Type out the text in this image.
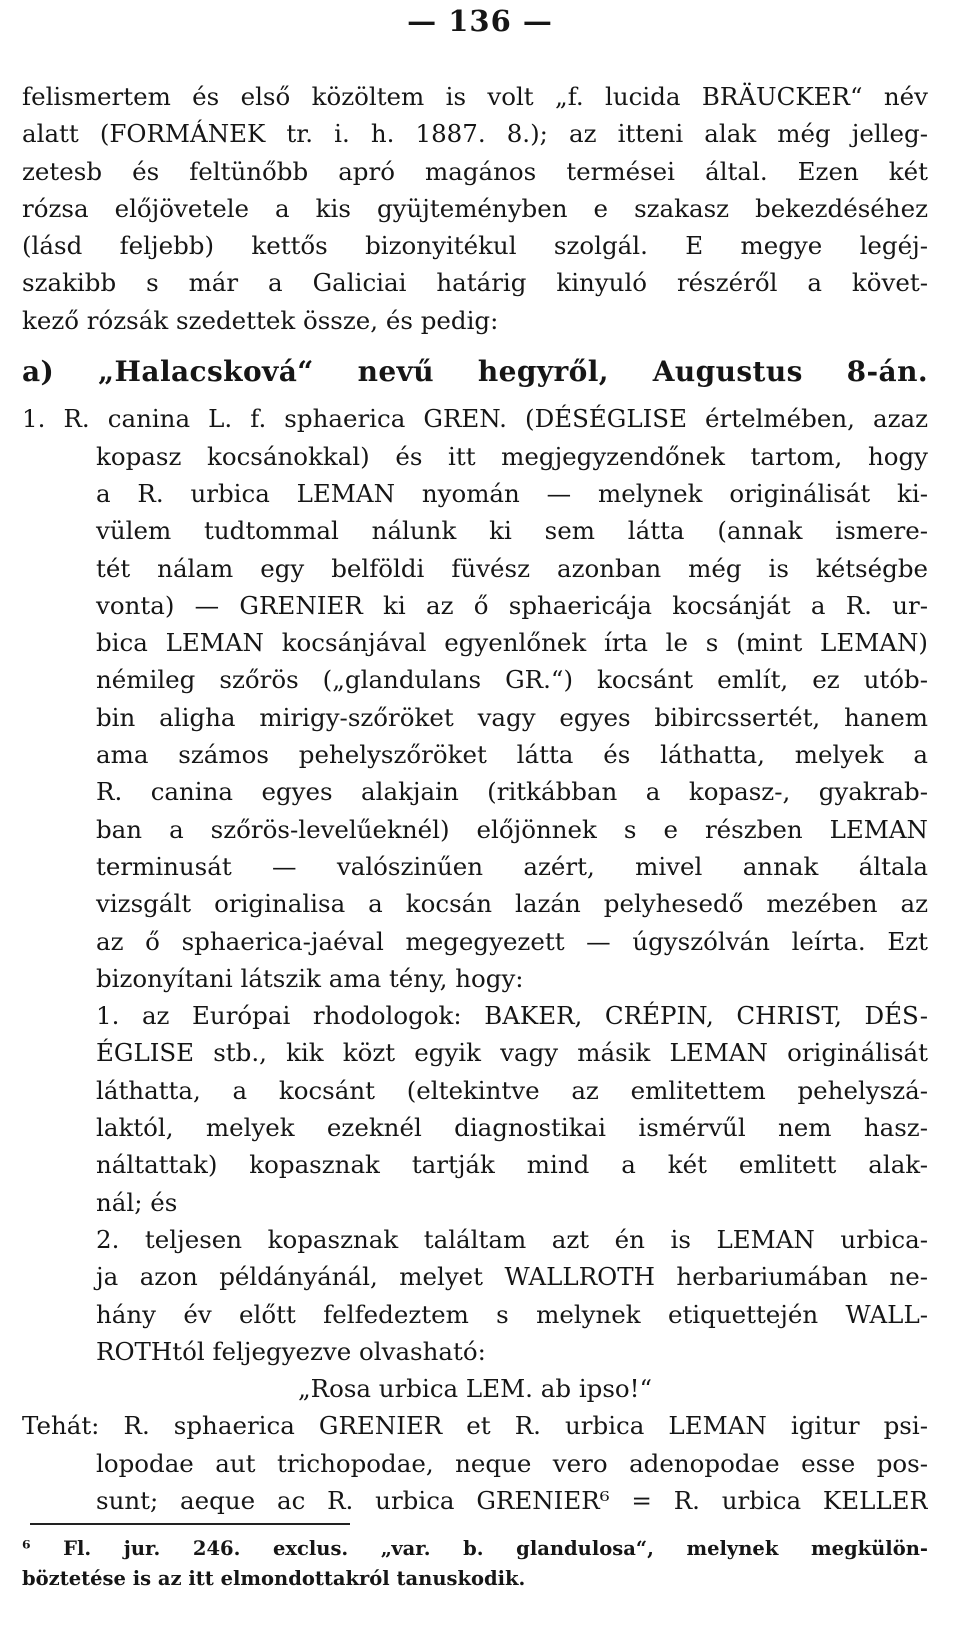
— 136 —
felismertem és első közöltem is volt „f. lucida BRÄUCKER“ név
alatt (FORMÁNEK tr. i. h. 1887. 8.); az itteni alak még jelleg-
zetesb és feltünőbb apró magános termései által. Ezen két
rózsa előjövetele a kis gyüjteményben e szakasz bekezdéséhez
(lásd feljebb) kettős bizonyitékul szolgál. E megye legéj-
szakibb s már a Galiciai határig kinyuló részéről a követ-
kező rózsák szedettek össze, és pedig:
a) „Halacsková“ nevű hegyről, Augustus 8-án.
1. R. canina L. f. sphaerica GREN. (DÉSÉGLISE értelmében, azaz
kopasz kocsánokkal) és itt megjegyzendőnek tartom, hogy
a R. urbica LEMAN nyomán — melynek originálisát ki-
vülem tudtommal nálunk ki sem látta (annak ismere-
tét nálam egy belföldi füvész azonban még is kétségbe
vonta) — GRENIER ki az ő sphaericája kocsánját a R. ur-
bica LEMAN kocsánjával egyenlőnek írta le s (mint LEMAN)
némileg szőrös („glandulans GR.“) kocsánt említ, ez utób-
bin aligha mirigy-szőröket vagy egyes bibircssertét, hanem
ama számos pehelyszőröket látta és láthatta, melyek a
R. canina egyes alakjain (ritkábban a kopasz-, gyakrab-
ban a szőrös-levelűeknél) előjönnek s e részben LEMAN
terminusát — valószinűen azért, mivel annak általa
vizsgált originalisa a kocsán lazán pelyhesedő mezében az
az ő sphaerica-jaéval megegyezett — úgyszólván leírta. Ezt
bizonyítani látszik ama tény, hogy:
1. az Európai rhodologok: BAKER, CRÉPIN, CHRIST, DÉS-
ÉGLISE stb., kik közt egyik vagy másik LEMAN originálisát
láthatta, a kocsánt (eltekintve az emlitettem pehelyszá-
laktól, melyek ezeknél diagnostikai ismérvűl nem hasz-
náltattak) kopasznak tartják mind a két emlitett alak-
nál; és
2. teljesen kopasznak találtam azt én is LEMAN urbica-
ja azon példányánál, melyet WALLROTH herbariumában ne-
hány év előtt felfedeztem s melynek etiquettején WALL-
ROTHtól feljegyezve olvasható:
„Rosa urbica LEM. ab ipso!“
Tehát: R. sphaerica GRENIER et R. urbica LEMAN igitur psi-
lopodae aut trichopodae, neque vero adenopodae esse pos-
sunt; aeque ac R. urbica GRENIER⁶ = R. urbica KELLER
⁶ Fl. jur. 246. exclus. „var. b. glandulosa“, melynek megkülön-
böztetése is az itt elmondottakról tanuskodik.
